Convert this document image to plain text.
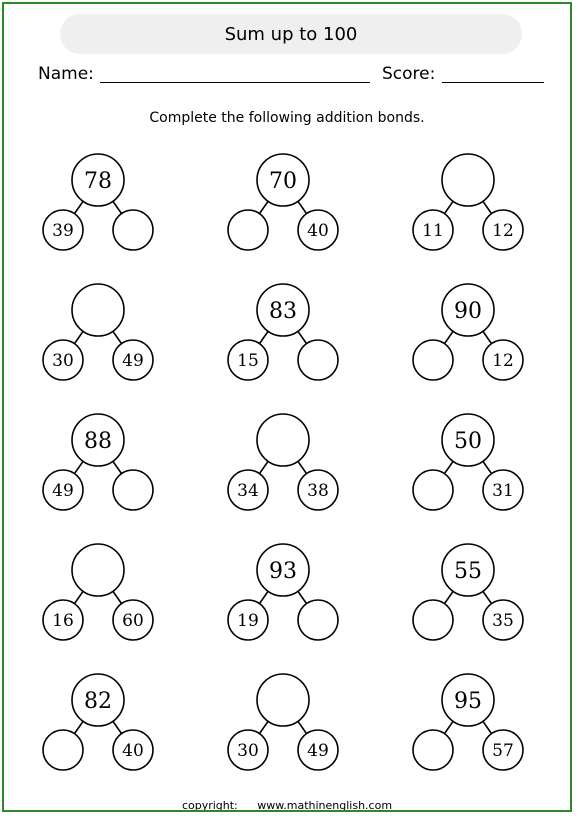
Sum up to 100
Name:	Score:
Complete the following addition bonds.
78
39
70
40	11	12
30	49
83
15
90
12
88
49	34	38
50
31
16	60
93
19
55
35
82
40	30	49
95
57
copyright: www.mathinenglish.com
